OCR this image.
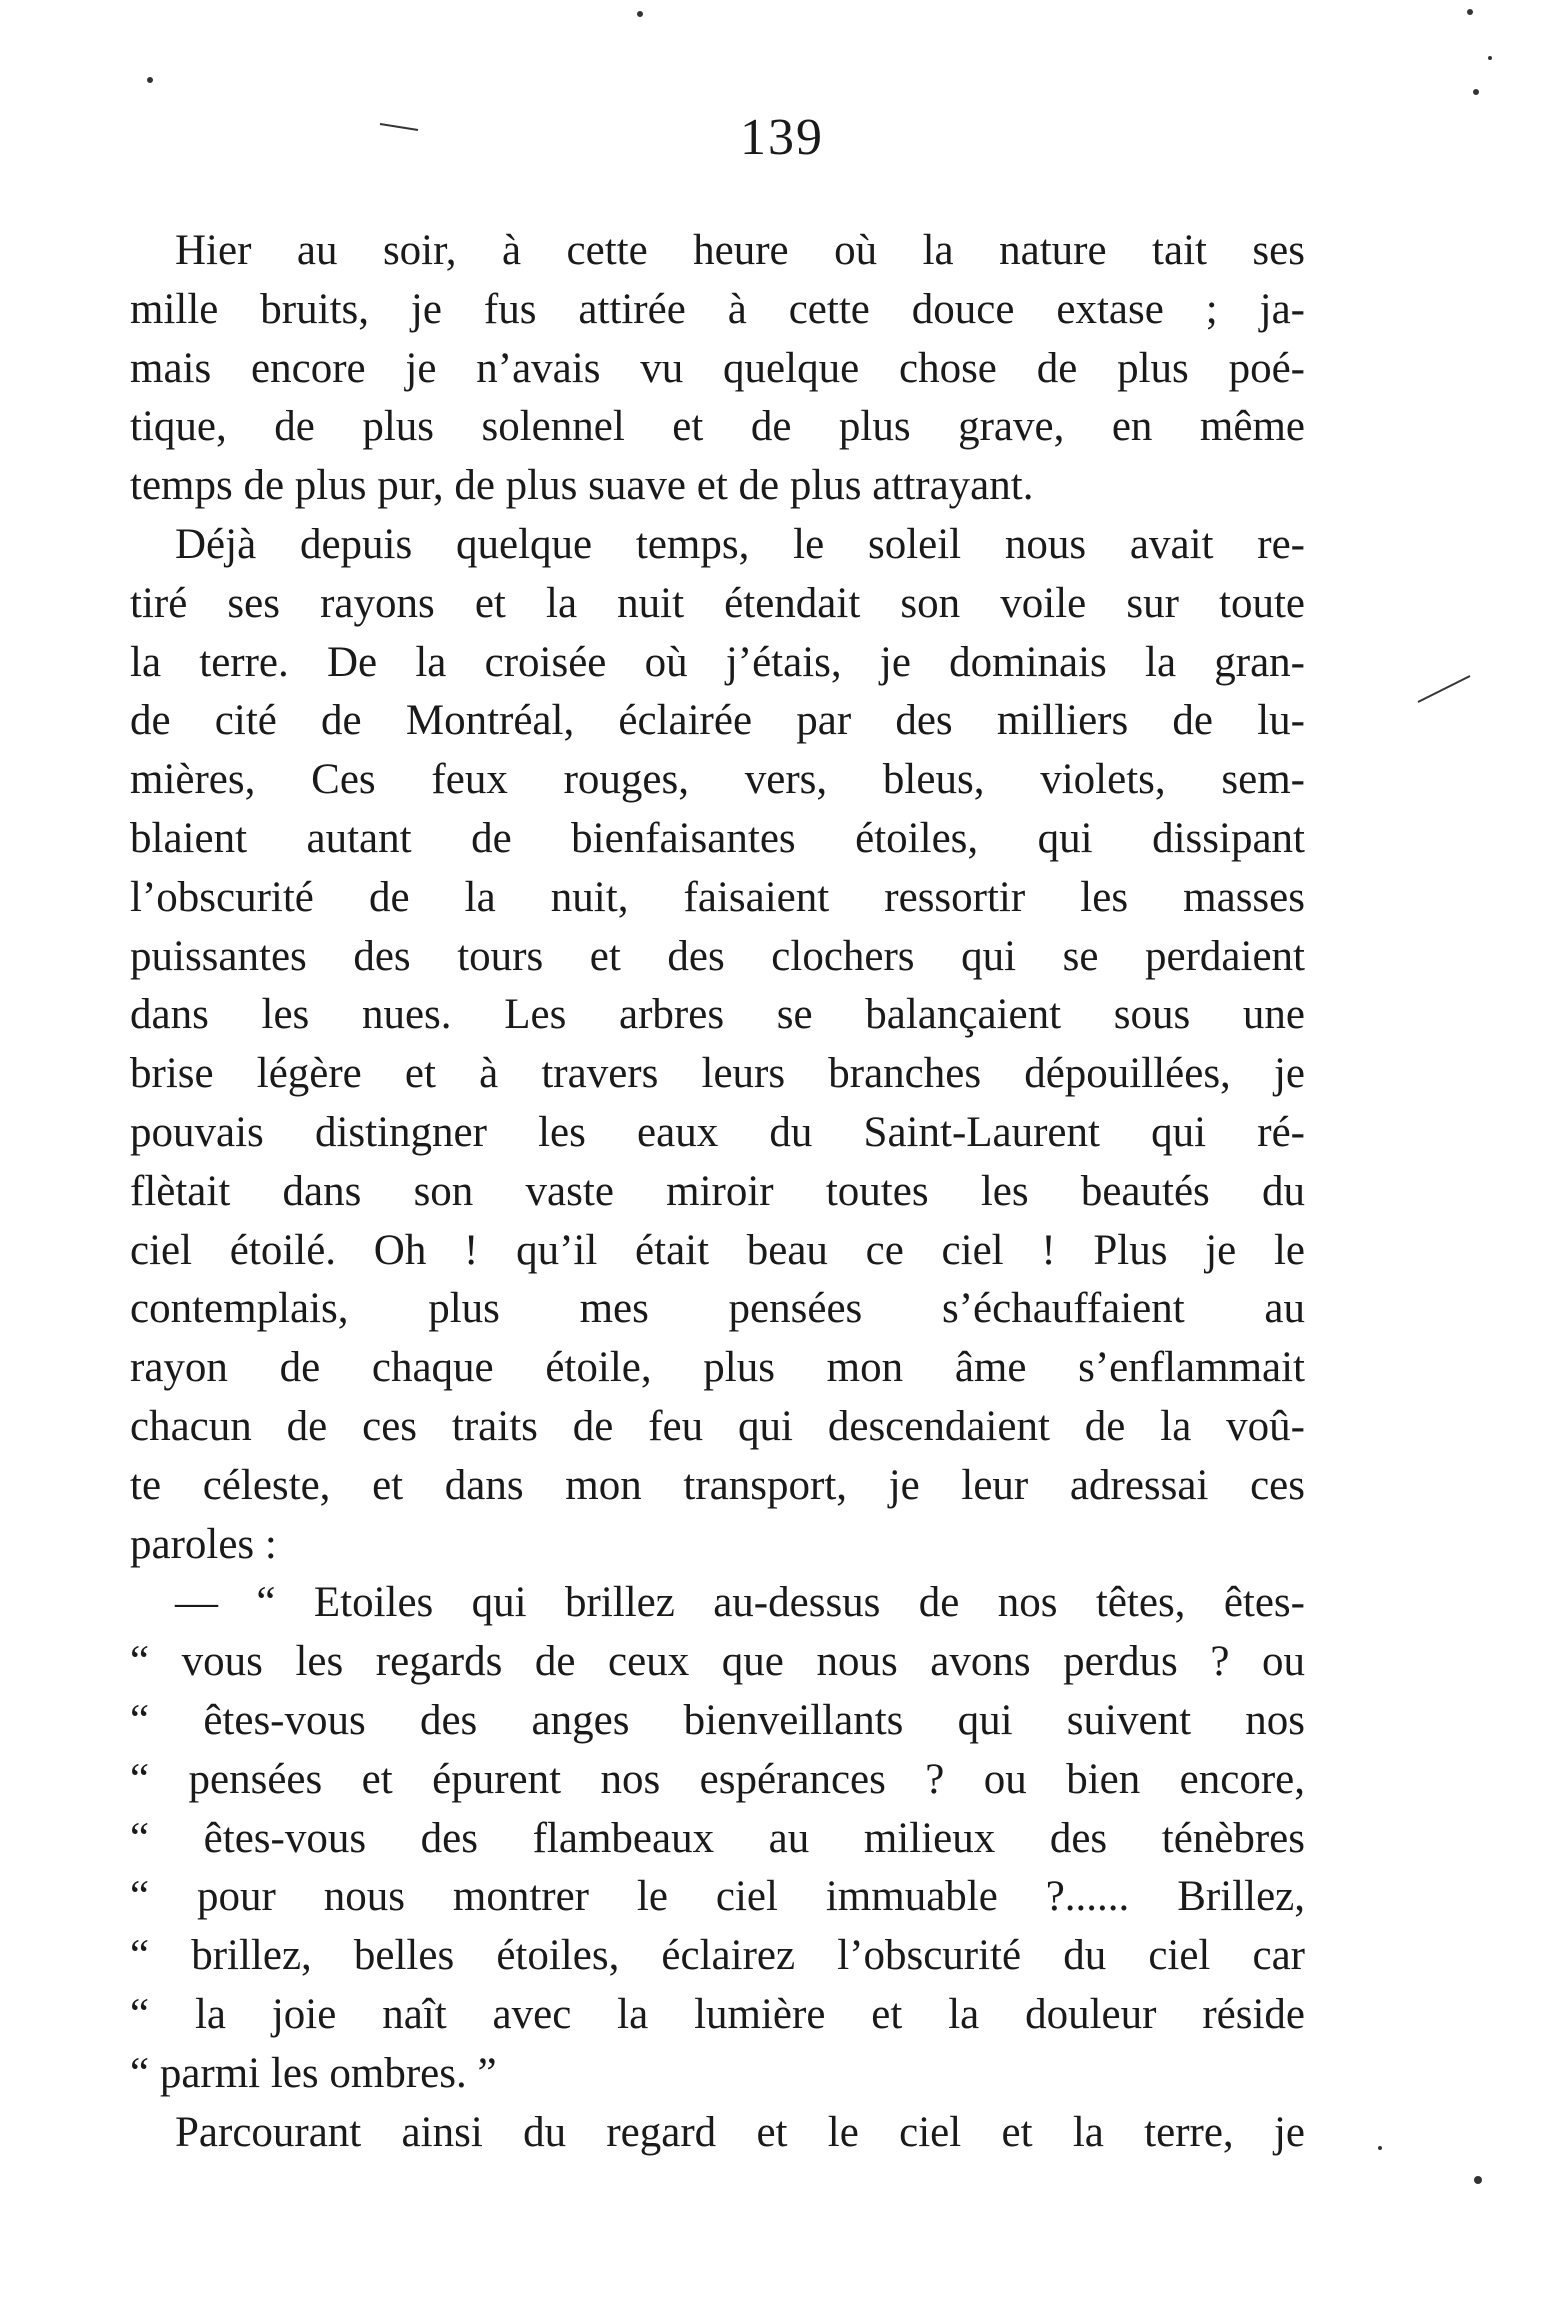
139
Hier au soir, à cette heure où la nature tait ses
mille bruits, je fus attirée à cette douce extase ; ja-
mais encore je n’avais vu quelque chose de plus poé-
tique, de plus solennel et de plus grave, en même
temps de plus pur, de plus suave et de plus attrayant.
Déjà depuis quelque temps, le soleil nous avait re-
tiré ses rayons et la nuit étendait son voile sur toute
la terre. De la croisée où j’étais, je dominais la gran-
de cité de Montréal, éclairée par des milliers de lu-
mières, Ces feux rouges, vers, bleus, violets, sem-
blaient autant de bienfaisantes étoiles, qui dissipant
l’obscurité de la nuit, faisaient ressortir les masses
puissantes des tours et des clochers qui se perdaient
dans les nues. Les arbres se balançaient sous une
brise légère et à travers leurs branches dépouillées, je
pouvais distingner les eaux du Saint-Laurent qui ré-
flètait dans son vaste miroir toutes les beautés du
ciel étoilé. Oh ! qu’il était beau ce ciel ! Plus je le
contemplais, plus mes pensées s’échauffaient au
rayon de chaque étoile, plus mon âme s’enflammait
chacun de ces traits de feu qui descendaient de la voû-
te céleste, et dans mon transport, je leur adressai ces
paroles :
— “ Etoiles qui brillez au-dessus de nos têtes, êtes-
“ vous les regards de ceux que nous avons perdus ? ou
“ êtes-vous des anges bienveillants qui suivent nos
“ pensées et épurent nos espérances ? ou bien encore,
“ êtes-vous des flambeaux au milieux des ténèbres
“ pour nous montrer le ciel immuable ?...... Brillez,
“ brillez, belles étoiles, éclairez l’obscurité du ciel car
“ la joie naît avec la lumière et la douleur réside
“ parmi les ombres. ”
Parcourant ainsi du regard et le ciel et la terre, je
